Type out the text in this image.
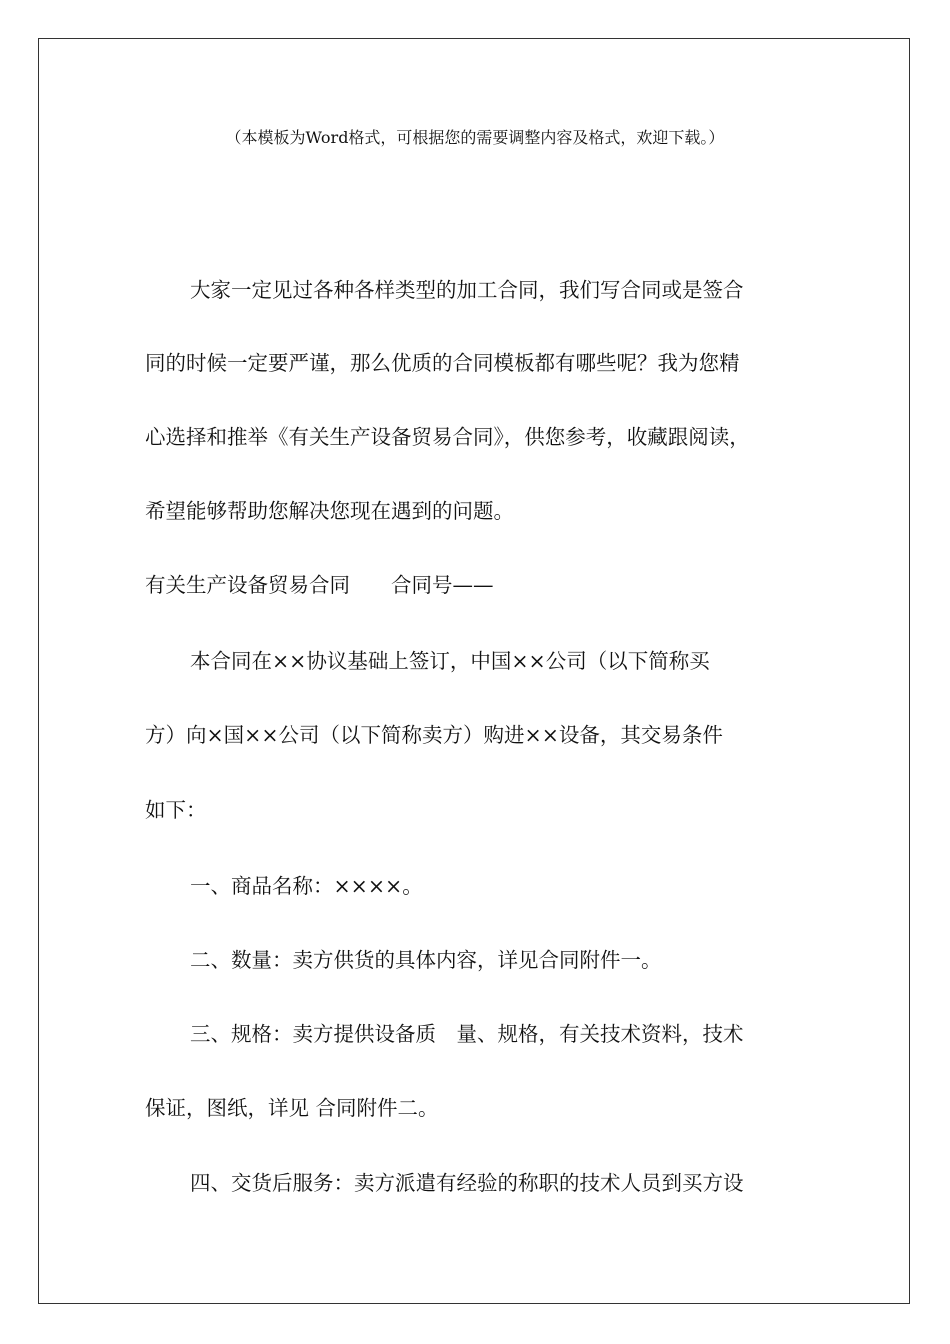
（本模板为Word格式，可根据您的需要调整内容及格式，欢迎下载。）
大家一定见过各种各样类型的加工合同，我们写合同或是签合
同的时候一定要严谨，那么优质的合同模板都有哪些呢？我为您精
心选择和推举《有关生产设备贸易合同》，供您参考，收藏跟阅读，
希望能够帮助您解决您现在遇到的问题。
有关生产设备贸易合同　　合同号——
本合同在××协议基础上签订，中国××公司（以下简称买
方）向×国××公司（以下简称卖方）购进××设备，其交易条件
如下：
一、商品名称：××××。
二、数量：卖方供货的具体内容，详见合同附件一。
三、规格：卖方提供设备质　量、规格，有关技术资料，技术
保证，图纸，详见 合同附件二。
四、交货后服务：卖方派遣有经验的称职的技术人员到买方设
